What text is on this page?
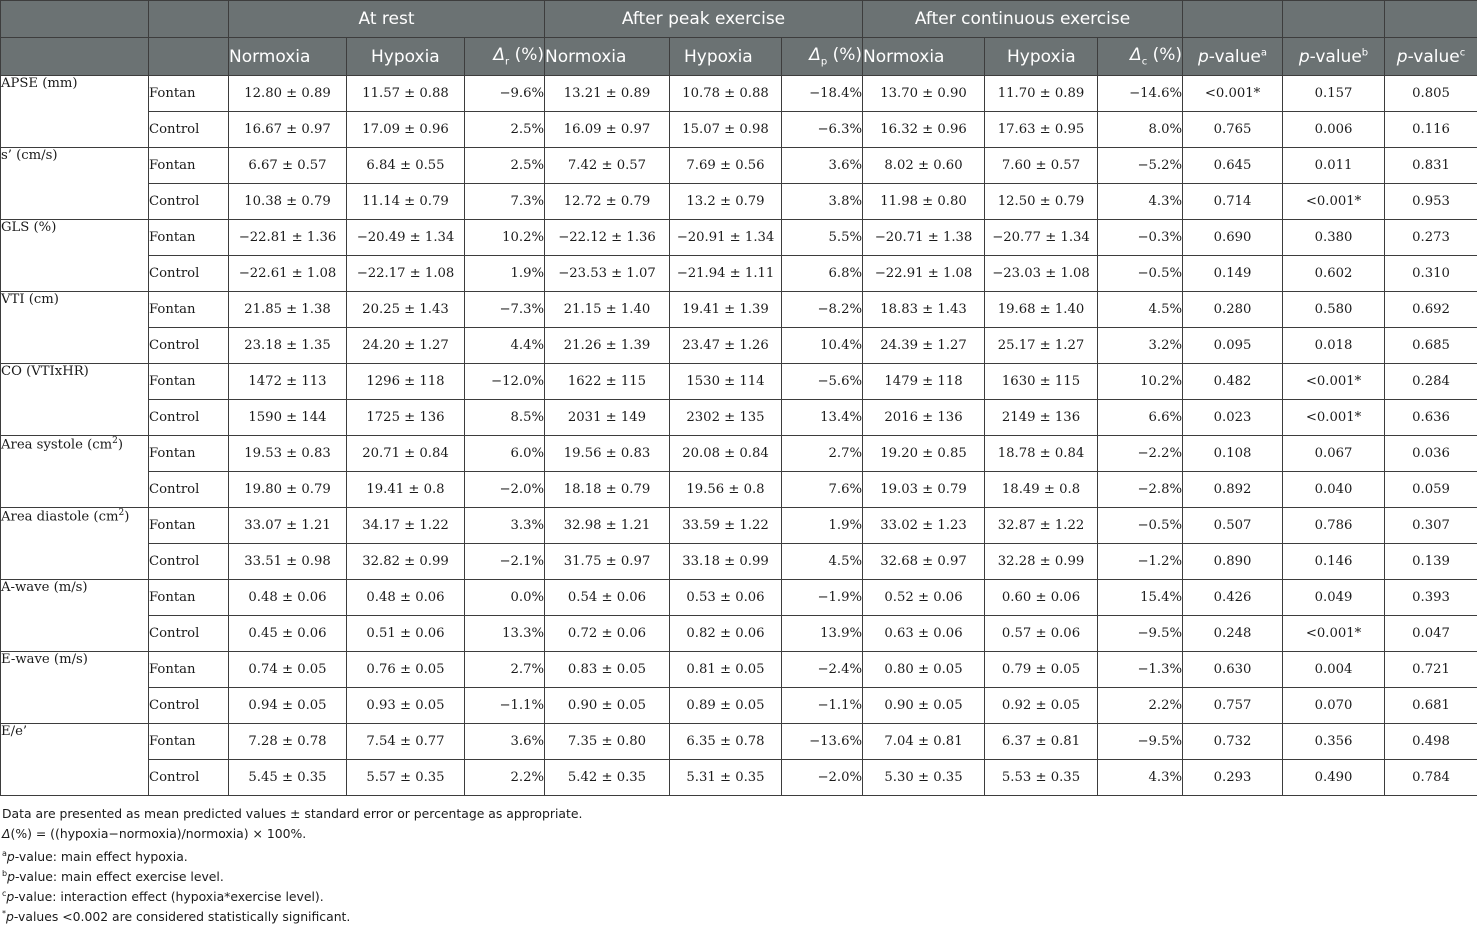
		At rest			After peak exercise			After continuous exercise					
		Normoxia	Hypoxia	$\Delta_r$ (%)	Normoxia	Hypoxia	$\Delta_p$ (%)	Normoxia	Hypoxia	$\Delta_c$ (%)	p-value$^a$	p-value$^b$	p-value$^c$
APSE (mm)	Fontan	12.80 ± 0.89	11.57 ± 0.88	−9.6%	13.21 ± 0.89	10.78 ± 0.88	−18.4%	13.70 ± 0.90	11.70 ± 0.89	−14.6%	<0.001*	0.157	0.805
	Control	16.67 ± 0.97	17.09 ± 0.96	2.5%	16.09 ± 0.97	15.07 ± 0.98	−6.3%	16.32 ± 0.96	17.63 ± 0.95	8.0%	0.765	0.006	0.116
s’ (cm/s)	Fontan	6.67 ± 0.57	6.84 ± 0.55	2.5%	7.42 ± 0.57	7.69 ± 0.56	3.6%	8.02 ± 0.60	7.60 ± 0.57	−5.2%	0.645	0.011	0.831
	Control	10.38 ± 0.79	11.14 ± 0.79	7.3%	12.72 ± 0.79	13.2 ± 0.79	3.8%	11.98 ± 0.80	12.50 ± 0.79	4.3%	0.714	<0.001*	0.953
GLS (%)	Fontan	−22.81 ± 1.36	−20.49 ± 1.34	10.2%	−22.12 ± 1.36	−20.91 ± 1.34	5.5%	−20.71 ± 1.38	−20.77 ± 1.34	−0.3%	0.690	0.380	0.273
	Control	−22.61 ± 1.08	−22.17 ± 1.08	1.9%	−23.53 ± 1.07	−21.94 ± 1.11	6.8%	−22.91 ± 1.08	−23.03 ± 1.08	−0.5%	0.149	0.602	0.310
VTI (cm)	Fontan	21.85 ± 1.38	20.25 ± 1.43	−7.3%	21.15 ± 1.40	19.41 ± 1.39	−8.2%	18.83 ± 1.43	19.68 ± 1.40	4.5%	0.280	0.580	0.692
	Control	23.18 ± 1.35	24.20 ± 1.27	4.4%	21.26 ± 1.39	23.47 ± 1.26	10.4%	24.39 ± 1.27	25.17 ± 1.27	3.2%	0.095	0.018	0.685
CO (VTIxHR)	Fontan	1472 ± 113	1296 ± 118	−12.0%	1622 ± 115	1530 ± 114	−5.6%	1479 ± 118	1630 ± 115	10.2%	0.482	<0.001*	0.284
	Control	1590 ± 144	1725 ± 136	8.5%	2031 ± 149	2302 ± 135	13.4%	2016 ± 136	2149 ± 136	6.6%	0.023	<0.001*	0.636
Area systole $(cm^2)$	Fontan	19.53 ± 0.83	20.71 ± 0.84	6.0%	19.56 ± 0.83	20.08 ± 0.84	2.7%	19.20 ± 0.85	18.78 ± 0.84	−2.2%	0.108	0.067	0.036
	Control	19.80 ± 0.79	19.41 ± 0.8	−2.0%	18.18 ± 0.79	19.56 ± 0.8	7.6%	19.03 ± 0.79	18.49 ± 0.8	−2.8%	0.892	0.040	0.059
Area diastole $(cm^2)$	Fontan	33.07 ± 1.21	34.17 ± 1.22	3.3%	32.98 ± 1.21	33.59 ± 1.22	1.9%	33.02 ± 1.23	32.87 ± 1.22	−0.5%	0.507	0.786	0.307
	Control	33.51 ± 0.98	32.82 ± 0.99	−2.1%	31.75 ± 0.97	33.18 ± 0.99	4.5%	32.68 ± 0.97	32.28 ± 0.99	−1.2%	0.890	0.146	0.139
A-wave (m/s)	Fontan	0.48 ± 0.06	0.48 ± 0.06	0.0%	0.54 ± 0.06	0.53 ± 0.06	−1.9%	0.52 ± 0.06	0.60 ± 0.06	15.4%	0.426	0.049	0.393
	Control	0.45 ± 0.06	0.51 ± 0.06	13.3%	0.72 ± 0.06	0.82 ± 0.06	13.9%	0.63 ± 0.06	0.57 ± 0.06	−9.5%	0.248	<0.001*	0.047
E-wave (m/s)	Fontan	0.74 ± 0.05	0.76 ± 0.05	2.7%	0.83 ± 0.05	0.81 ± 0.05	−2.4%	0.80 ± 0.05	0.79 ± 0.05	−1.3%	0.630	0.004	0.721
	Control	0.94 ± 0.05	0.93 ± 0.05	−1.1%	0.90 ± 0.05	0.89 ± 0.05	−1.1%	0.90 ± 0.05	0.92 ± 0.05	2.2%	0.757	0.070	0.681
E/e’	Fontan	7.28 ± 0.78	7.54 ± 0.77	3.6%	7.35 ± 0.80	6.35 ± 0.78	−13.6%	7.04 ± 0.81	6.37 ± 0.81	−9.5%	0.732	0.356	0.498
	Control	5.45 ± 0.35	5.57 ± 0.35	2.2%	5.42 ± 0.35	5.31 ± 0.35	−2.0%	5.30 ± 0.35	5.53 ± 0.35	4.3%	0.293	0.490	0.784
Data are presented as mean predicted values ± standard error or percentage as appropriate.
Δ(%) = ((hypoxia−normoxia)/normoxia) × 100%.
$^a$p-value: main effect hypoxia.
$^b$p-value: main effect exercise level.
$^c$p-value: interaction effect (hypoxia*exercise level).
*p-values <0.002 are considered statistically significant.
